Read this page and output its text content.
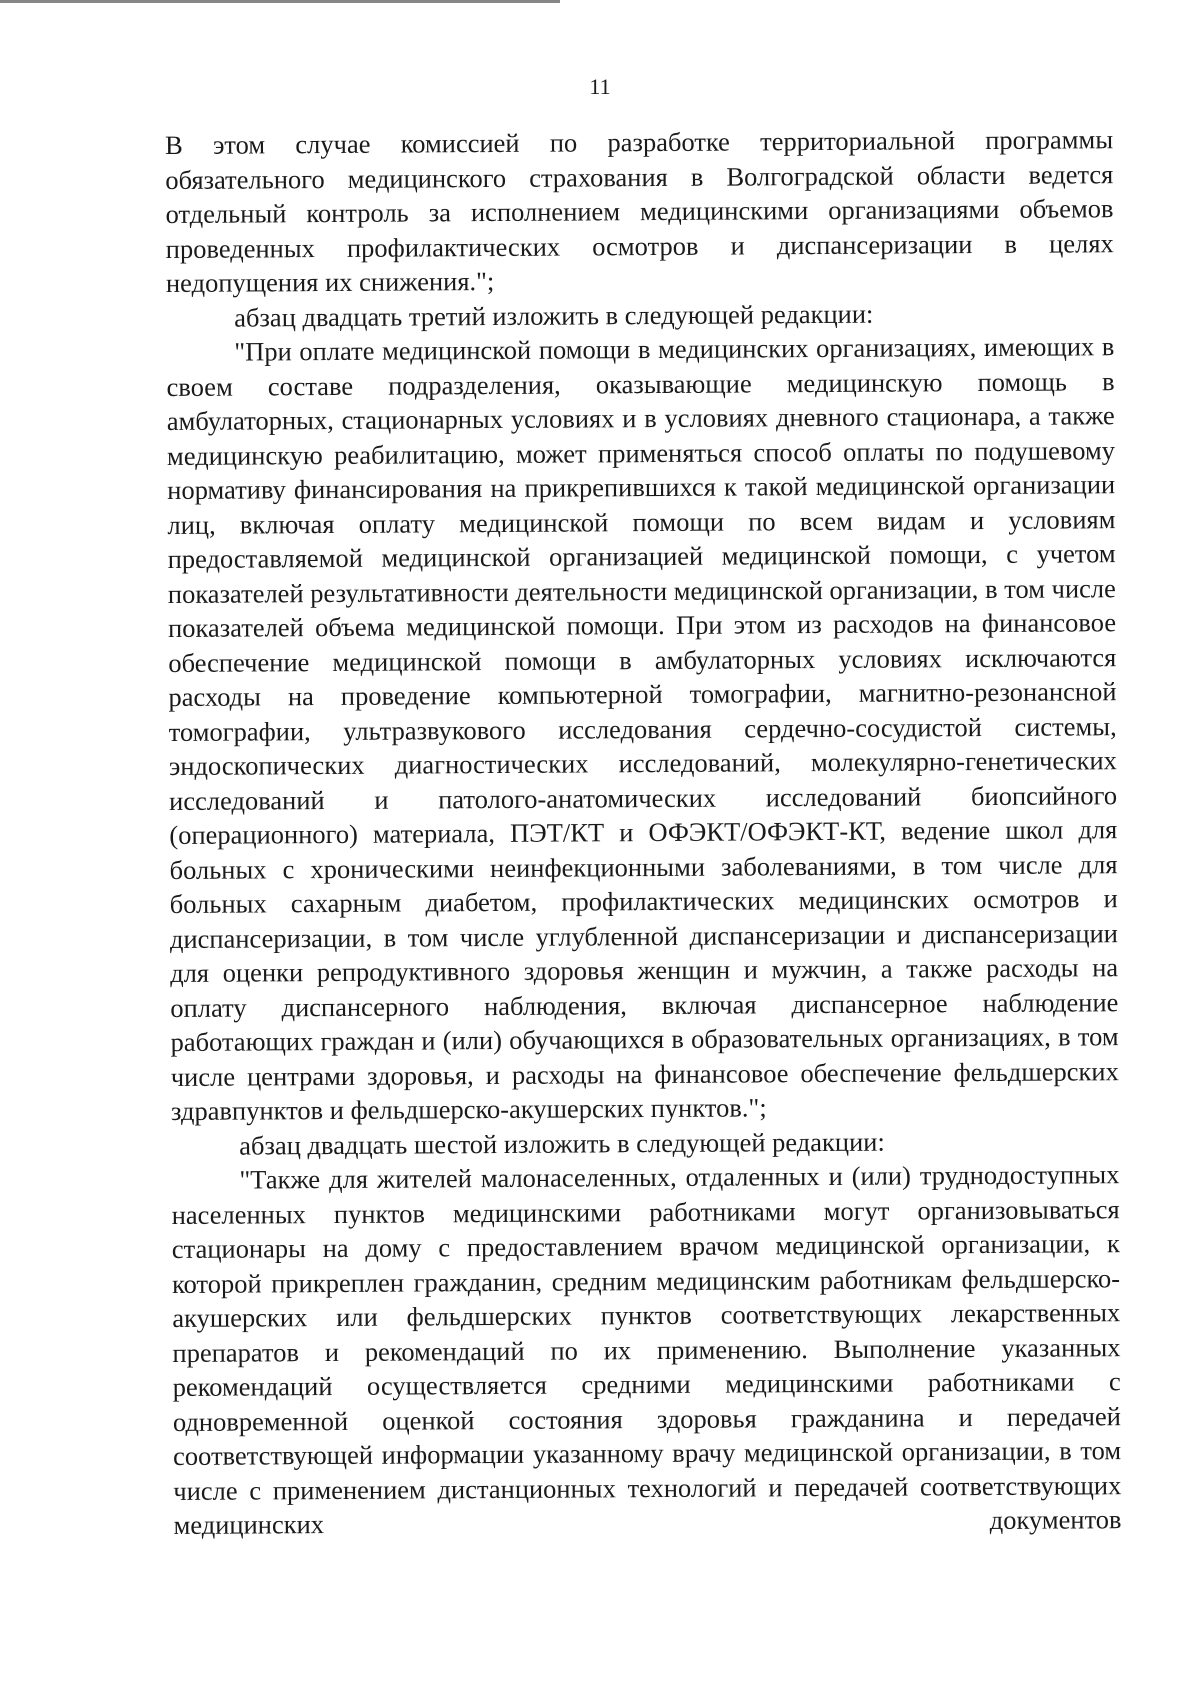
11

В этом случае комиссией по разработке территориальной программы обязательного медицинского страхования в Волгоградской области ведется отдельный контроль за исполнением медицинскими организациями объемов проведенных профилактических осмотров и диспансеризации в целях недопущения их снижения.";

абзац двадцать третий изложить в следующей редакции:

"При оплате медицинской помощи в медицинских организациях, имеющих в своем составе подразделения, оказывающие медицинскую помощь в амбулаторных, стационарных условиях и в условиях дневного стационара, а также медицинскую реабилитацию, может применяться способ оплаты по подушевому нормативу финансирования на прикрепившихся к такой медицинской организации лиц, включая оплату медицинской помощи по всем видам и условиям предоставляемой медицинской организацией медицинской помощи, с учетом показателей результативности деятельности медицинской организации, в том числе показателей объема медицинской помощи. При этом из расходов на финансовое обеспечение медицинской помощи в амбулаторных условиях исключаются расходы на проведение компьютерной томографии, магнитно-резонансной томографии, ультразвукового исследования сердечно-сосудистой системы, эндоскопических диагностических исследований, молекулярно-генетических исследований и патолого-анатомических исследований биопсийного (операционного) материала, ПЭТ/КТ и ОФЭКТ/ОФЭКТ-КТ, ведение школ для больных с хроническими неинфекционными заболеваниями, в том числе для больных сахарным диабетом, профилактических медицинских осмотров и диспансеризации, в том числе углубленной диспансеризации и диспансеризации для оценки репродуктивного здоровья женщин и мужчин, а также расходы на оплату диспансерного наблюдения, включая диспансерное наблюдение работающих граждан и (или) обучающихся в образовательных организациях, в том числе центрами здоровья, и расходы на финансовое обеспечение фельдшерских здравпунктов и фельдшерско-акушерских пунктов.";

абзац двадцать шестой изложить в следующей редакции:

"Также для жителей малонаселенных, отдаленных и (или) труднодоступных населенных пунктов медицинскими работниками могут организовываться стационары на дому с предоставлением врачом медицинской организации, к которой прикреплен гражданин, средним медицинским работникам фельдшерско-акушерских или фельдшерских пунктов соответствующих лекарственных препаратов и рекомендаций по их применению. Выполнение указанных рекомендаций осуществляется средними медицинскими работниками с одновременной оценкой состояния здоровья гражданина и передачей соответствующей информации указанному врачу медицинской организации, в том числе с применением дистанционных технологий и передачей соответствующих медицинских документов
